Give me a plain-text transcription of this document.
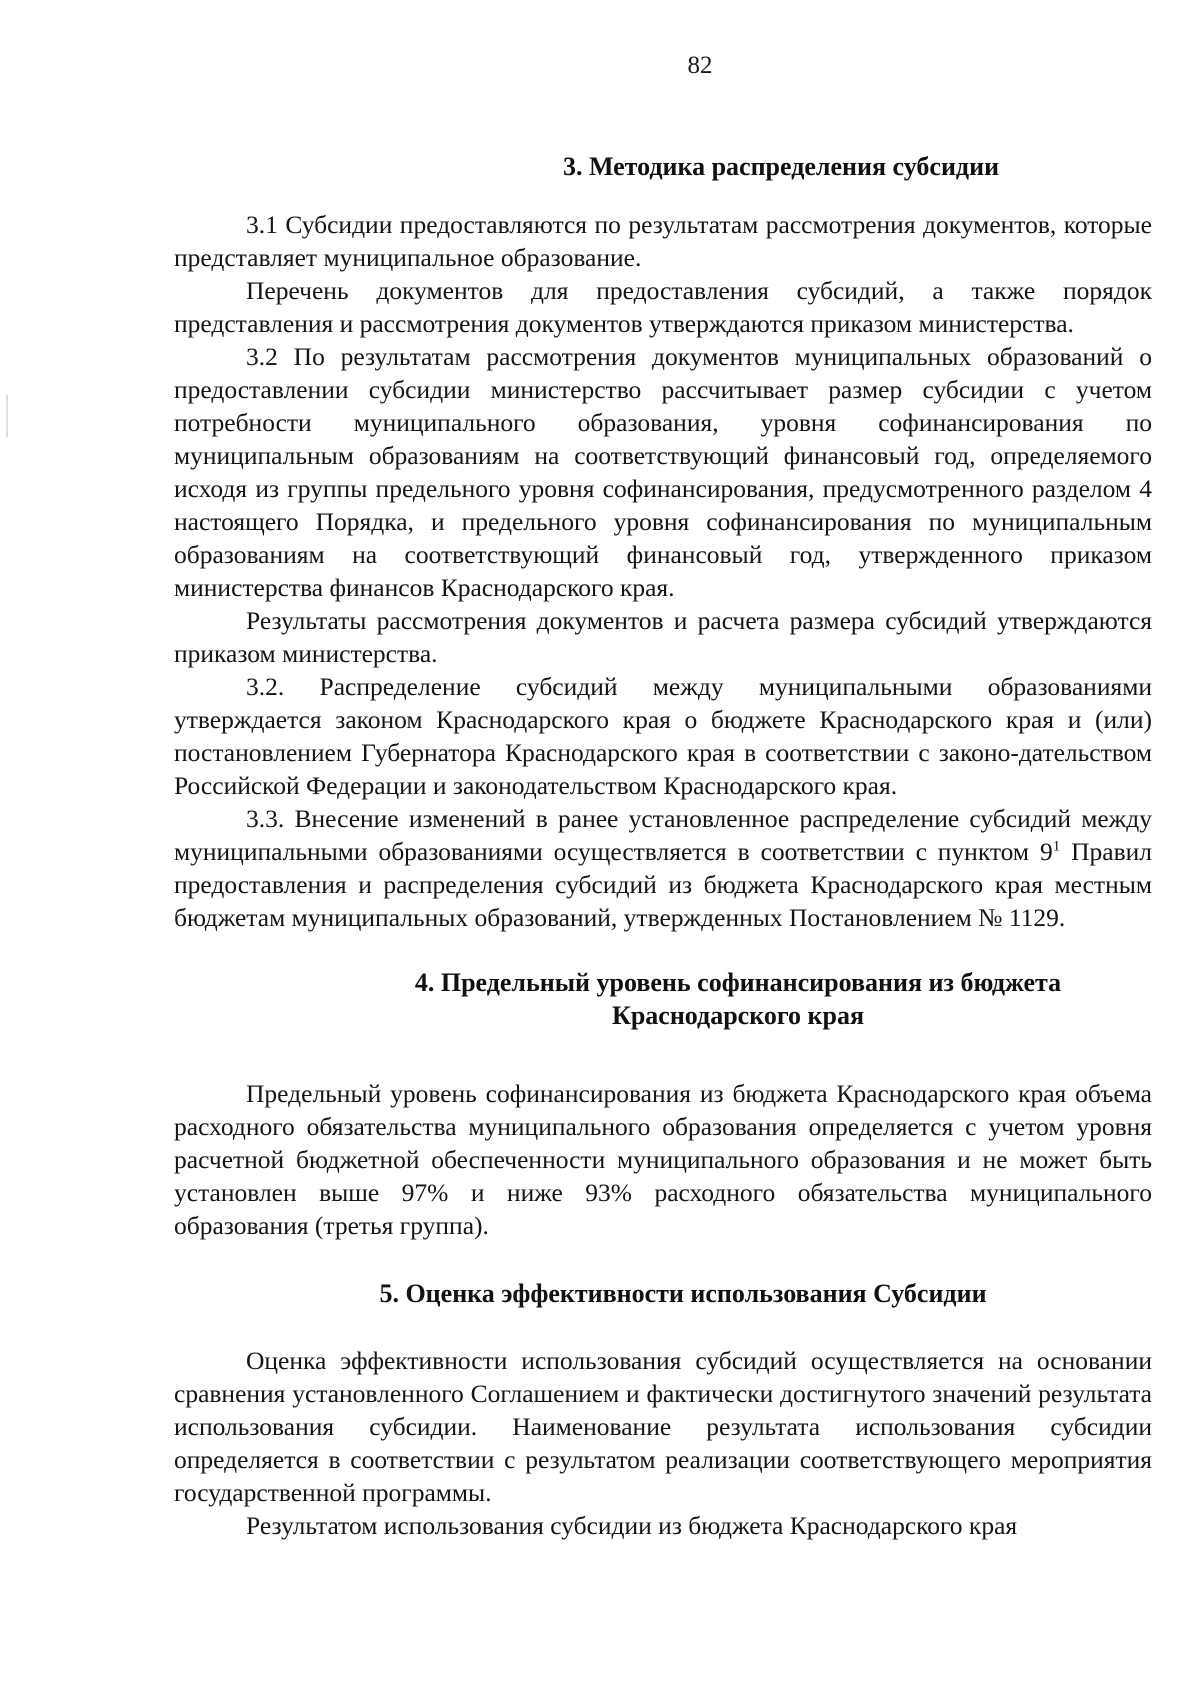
82
3. Методика распределения субсидии

3.1 Субсидии предоставляются по результатам рассмотрения документов, которые представляет муниципальное образование.

Перечень документов для предоставления субсидий, а также порядок представления и рассмотрения документов утверждаются приказом министерства.

3.2 По результатам рассмотрения документов муниципальных образований о предоставлении субсидии министерство рассчитывает размер субсидии с учетом потребности муниципального образования, уровня софинансирования по муниципальным образованиям на соответствующий финансовый год, определяемого исходя из группы предельного уровня софинансирования, предусмотренного разделом 4 настоящего Порядка, и предельного уровня софинансирования по муниципальным образованиям на соответствующий финансовый год, утвержденного приказом министерства финансов Краснодарского края.

Результаты рассмотрения документов и расчета размера субсидий утверждаются приказом министерства.

3.2. Распределение субсидий между муниципальными образованиями утверждается законом Краснодарского края о бюджете Краснодарского края и (или) постановлением Губернатора Краснодарского края в соответствии с законо-дательством Российской Федерации и законодательством Краснодарского края.

3.3. Внесение изменений в ранее установленное распределение субсидий между муниципальными образованиями осуществляется в соответствии с пунктом $9^1$ Правил предоставления и распределения субсидий из бюджета Краснодарского края местным бюджетам муниципальных образований, утвержденных Постановлением № 1129.

4. Предельный уровень софинансирования из бюджета
Краснодарского края

Предельный уровень софинансирования из бюджета Краснодарского края объема расходного обязательства муниципального образования определяется с учетом уровня расчетной бюджетной обеспеченности муниципального образования и не может быть установлен выше 97% и ниже 93% расходного обязательства муниципального образования (третья группа).

5. Оценка эффективности использования Субсидии

Оценка эффективности использования субсидий осуществляется на основании сравнения установленного Соглашением и фактически достигнутого значений результата использования субсидии. Наименование результата использования субсидии определяется в соответствии с результатом реализации соответствующего мероприятия государственной программы.

Результатом использования субсидии из бюджета Краснодарского края
